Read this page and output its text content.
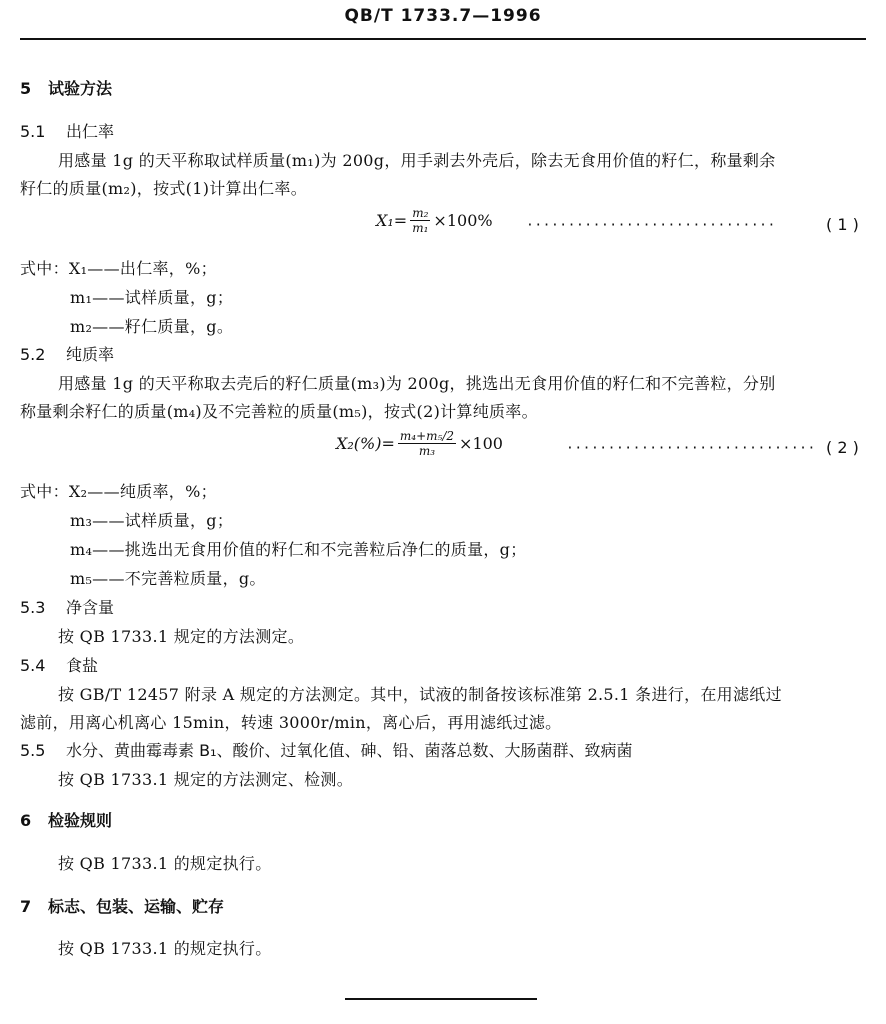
QB/T 1733.7—1996
5 试验方法
5.1 出仁率
用感量 1g 的天平称取试样质量(m₁)为 200g，用手剥去外壳后，除去无食用价值的籽仁，称量剩余
籽仁的质量(m₂)，按式(1)计算出仁率。
$X_1= \frac{\text{m₂}}{\text{m₁}} \times 100\%$	······························	( 1 )
式中：X₁——出仁率，%；
m₁——试样质量，g；
m₂——籽仁质量，g。
5.2 纯质率
用感量 1g 的天平称取去壳后的籽仁质量(m₃)为 200g，挑选出无食用价值的籽仁和不完善粒，分别
称量剩余籽仁的质量(m₄)及不完善粒的质量(m₅)，按式(2)计算纯质率。
$X_2(\%)= \frac{\text{m₄+m₅/2}}{\text{m₃}} \times 100$	······························ ( 2 )
式中：X₂——纯质率，%；
m₃——试样质量，g；
m₄——挑选出无食用价值的籽仁和不完善粒后净仁的质量，g；
m₅——不完善粒质量，g。
5.3 净含量
按 QB 1733.1 规定的方法测定。
5.4 食盐
按 GB/T 12457 附录 A 规定的方法测定。其中，试液的制备按该标准第 2.5.1 条进行，在用滤纸过
滤前，用离心机离心 15min，转速 3000r/min，离心后，再用滤纸过滤。
5.5 水分、黄曲霉毒素 B₁、酸价、过氧化值、砷、铅、菌落总数、大肠菌群、致病菌
按 QB 1733.1 规定的方法测定、检测。
6 检验规则
按 QB 1733.1 的规定执行。
7 标志、包装、运输、贮存
按 QB 1733.1 的规定执行。
